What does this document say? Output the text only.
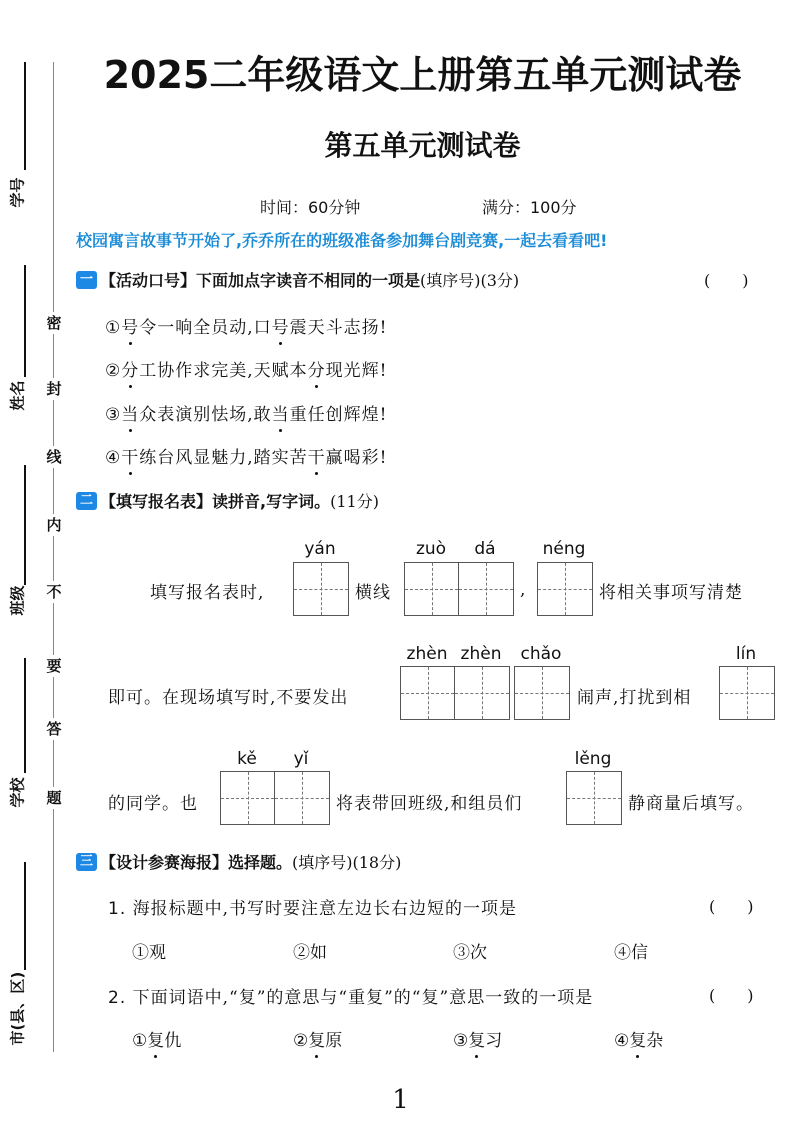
学号
姓名
班级
学校
市(县、区)
密
封
线
内
不
要
答
题
2025二年级语文上册第五单元测试卷
第五单元测试卷
时间：60分钟	满分：100分
校园寓言故事节开始了,乔乔所在的班级准备参加舞台剧竞赛,一起去看看吧!
一 【活动口号】下面加点字读音不相同的一项是 (填序号)(3分)	(　　)
①号令一响全员动,口号震天斗志扬!
②分工协作求完美,天赋本分现光辉!
③当众表演别怯场,敢当重任创辉煌!
④干练台风显魅力,踏实苦干赢喝彩!
二 【填写报名表】读拼音,写字词。 (11分)
填写报名表时,
yán
横线
zuò	dá
,
néng
将相关事项写清楚
即可。在现场填写时,不要发出
zhèn zhèn	chǎo
闹声,打扰到相
lín
的同学。也
kě	yǐ
将表带回班级,和组员们
lěng
静商量后填写。
三 【设计参赛海报】选择题。 (填序号)(18分)
1. 海报标题中,书写时要注意左边长右边短的一项是	(　　)
①观	②如	③次	④信
2. 下面词语中,“复”的意思与“重复”的“复”意思一致的一项是	(　　)
①复仇	②复原	③复习	④复杂
1
